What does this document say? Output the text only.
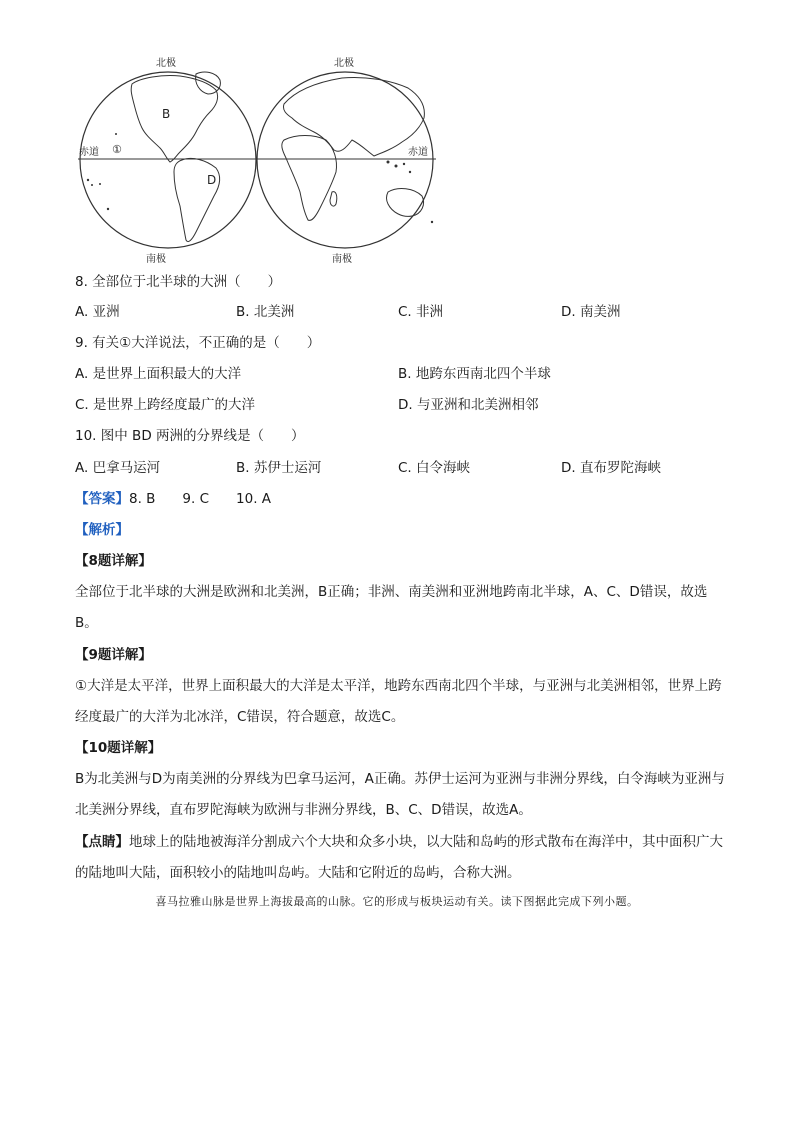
北极	北极
南极	南极
赤道	赤道
B
D
①
8. 全部位于北半球的大洲（　　）
A. 亚洲	B. 北美洲	C. 非洲	D. 南美洲
9. 有关①大洋说法，不正确的是（　　）
A. 是世界上面积最大的大洋	B. 地跨东西南北四个半球
C. 是世界上跨经度最广的大洋	D. 与亚洲和北美洲相邻
10. 图中 BD 两洲的分界线是（　　）
A. 巴拿马运河	B. 苏伊士运河	C. 白令海峡	D. 直布罗陀海峡
【答案】8. B　　9. C　　10. A
【解析】
【8题详解】
全部位于北半球的大洲是欧洲和北美洲，B正确；非洲、南美洲和亚洲地跨南北半球，A、C、D错误，故选B。
【9题详解】
①大洋是太平洋，世界上面积最大的大洋是太平洋，地跨东西南北四个半球，与亚洲与北美洲相邻，世界上跨经度最广的大洋为北冰洋，C错误，符合题意，故选C。
【10题详解】
B为北美洲与D为南美洲的分界线为巴拿马运河，A正确。苏伊士运河为亚洲与非洲分界线，白令海峡为亚洲与北美洲分界线，直布罗陀海峡为欧洲与非洲分界线，B、C、D错误，故选A。
【点睛】地球上的陆地被海洋分割成六个大块和众多小块，以大陆和岛屿的形式散布在海洋中，其中面积广大的陆地叫大陆，面积较小的陆地叫岛屿。大陆和它附近的岛屿，合称大洲。
喜马拉雅山脉是世界上海拔最高的山脉。它的形成与板块运动有关。读下图据此完成下列小题。
